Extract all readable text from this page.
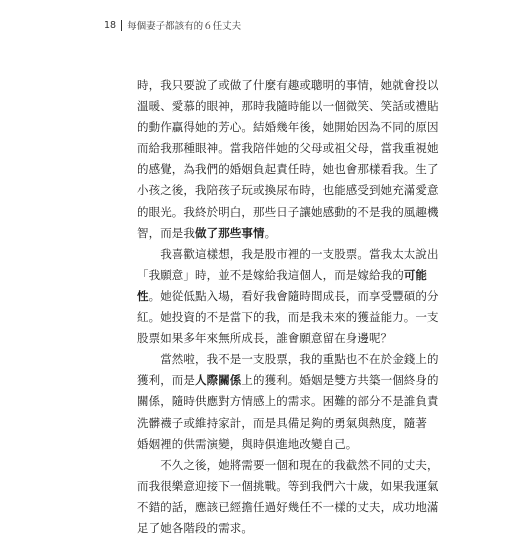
18 每個妻子都該有的６任丈夫
時，我只要說了或做了什麼有趣或聰明的事情，她就會投以
溫暖、愛慕的眼神，那時我隨時能以一個微笑、笑話或禮貼
的動作贏得她的芳心。結婚幾年後，她開始因為不同的原因
而給我那種眼神。當我陪伴她的父母或祖父母，當我重視她
的感覺，為我們的婚姻負起責任時，她也會那樣看我。生了
小孩之後，我陪孩子玩或換尿布時，也能感受到她充滿愛意
的眼光。我終於明白，那些日子讓她感動的不是我的風趣機
智，而是我做了那些事情。
　　我喜歡這樣想，我是股市裡的一支股票。當我太太說出
「我願意」時，並不是嫁給我這個人，而是嫁給我的可能
性。她從低點入場，看好我會隨時間成長，而享受豐碩的分
紅。她投資的不是當下的我，而是我未來的獲益能力。一支
股票如果多年來無所成長，誰會願意留在身邊呢？
　　當然啦，我不是一支股票，我的重點也不在於金錢上的
獲利，而是人際關係上的獲利。婚姻是雙方共築一個終身的
關係，隨時供應對方情感上的需求。困難的部分不是誰負責
洗髒襪子或維持家計，而是具備足夠的勇氣與熱度，隨著
婚姻裡的供需演變，與時俱進地改變自己。
　　不久之後，她將需要一個和現在的我截然不同的丈夫，
而我很樂意迎接下一個挑戰。等到我們六十歲，如果我運氣
不錯的話，應該已經擔任過好幾任不一樣的丈夫，成功地滿
足了她各階段的需求。
